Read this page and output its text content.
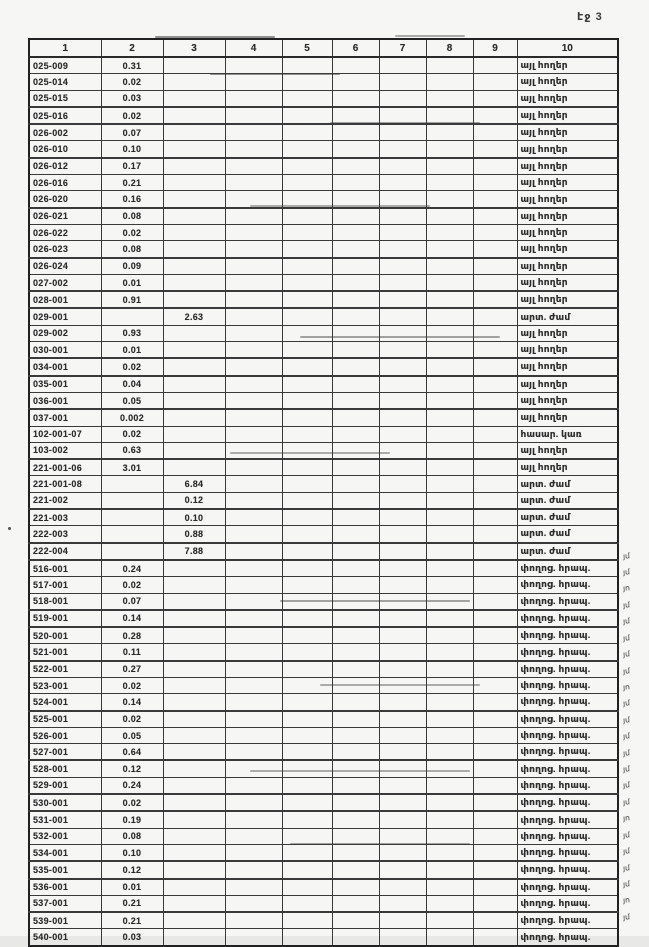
էջ 3
1	2	3	4	5	6	7	8	9	10
025-009	0.31								այլ հողեր
025-014	0.02								այլ հողեր
025-015	0.03								այլ հողեր
025-016	0.02								այլ հողեր
026-002	0.07								այլ հողեր
026-010	0.10								այլ հողեր
026-012	0.17								այլ հողեր
026-016	0.21								այլ հողեր
026-020	0.16								այլ հողեր
026-021	0.08								այլ հողեր
026-022	0.02								այլ հողեր
026-023	0.08								այլ հողեր
026-024	0.09								այլ հողեր
027-002	0.01								այլ հողեր
028-001	0.91								այլ հողեր
029-001		2.63							արտ. ժամ
029-002	0.93								այլ հողեր
030-001	0.01								այլ հողեր
034-001	0.02								այլ հողեր
035-001	0.04								այլ հողեր
036-001	0.05								այլ հողեր
037-001	0.002								այլ հողեր
102-001-07	0.02								հասար. կառ
103-002	0.63								այլ հողեր
221-001-06	3.01								այլ հողեր
221-001-08		6.84							արտ. ժամ
221-002		0.12							արտ. ժամ
221-003		0.10							արտ. ժամ
222-003		0.88							արտ. ժամ
222-004		7.88							արտ. ժամ
516-001	0.24								փողոց. հրապ.
517-001	0.02								փողոց. հրապ.
518-001	0.07								փողոց. հրապ.
519-001	0.14								փողոց. հրապ.
520-001	0.28								փողոց. հրապ.
521-001	0.11								փողոց. հրապ.
522-001	0.27								փողոց. հրապ.
523-001	0.02								փողոց. հրապ.
524-001	0.14								փողոց. հրապ.
525-001	0.02								փողոց. հրապ.
526-001	0.05								փողոց. հրապ.
527-001	0.64								փողոց. հրապ.
528-001	0.12								փողոց. հրապ.
529-001	0.24								փողոց. հրապ.
530-001	0.02								փողոց. հրապ.
531-001	0.19								փողոց. հրապ.
532-001	0.08								փողոց. հրապ.
534-001	0.10								փողոց. հրապ.
535-001	0.12								փողոց. հրապ.
536-001	0.01								փողոց. հրապ.
537-001	0.21								փողոց. հրապ.
539-001	0.21								փողոց. հրապ.
540-001	0.03								փողոց. հրապ.
յմ
յմ
յո
յմ
յմ
յմ
յմ
յմ
յո
յմ
յմ
յմ
յմ
յմ
յմ
յմ
յո
յմ
յմ
յմ
յմ
յո
յմ
